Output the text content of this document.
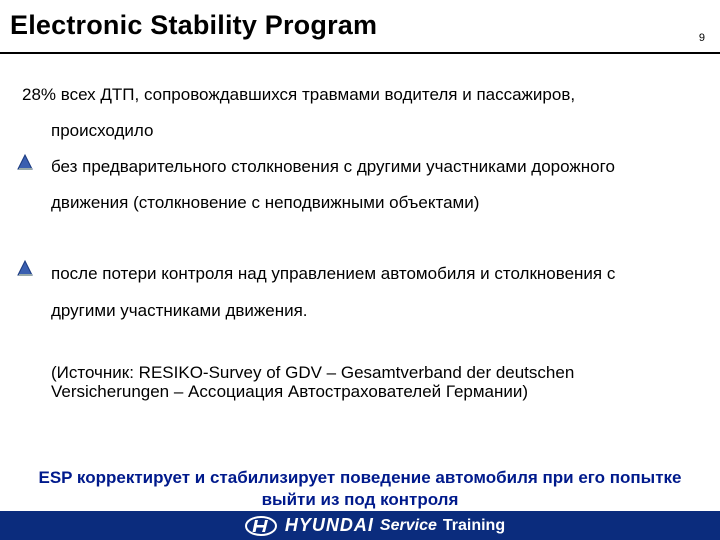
Electronic Stability Program	9
28% всех ДТП, сопровождавшихся травмами водителя и пассажиров,
происходило
без предварительного столкновения с другими участниками дорожного
движения (столкновение с неподвижными объектами)
после потери контроля над управлением автомобиля и столкновения с
другими участниками движения.
(Источник: RESIKO-Survey of GDV – Gesamtverband der deutschen
Versicherungen – Ассоциация Автострахователей Германии)
ESP корректирует и стабилизирует поведение автомобиля при его попытке
выйти из под контроля
HYUNDAI Service Training
